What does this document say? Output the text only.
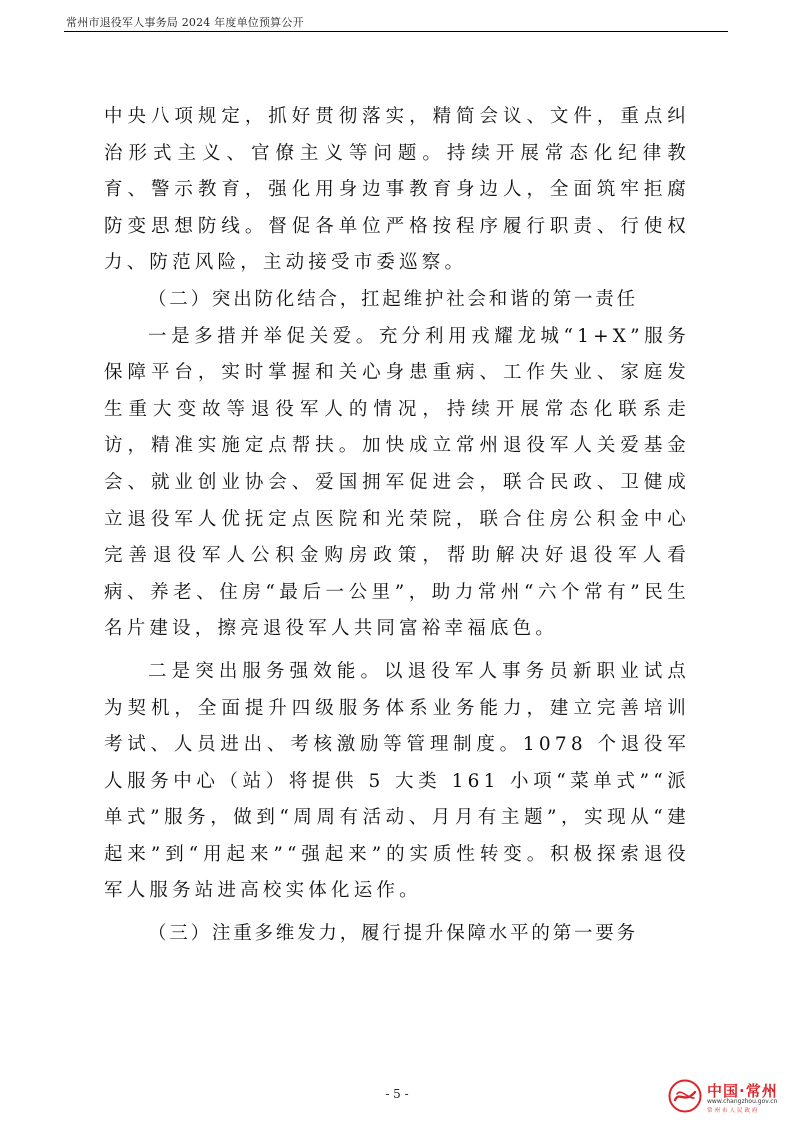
常州市退役军人事务局 2024 年度单位预算公开

中央八项规定，抓好贯彻落实，精简会议、文件，重点纠治形式主义、官僚主义等问题。持续开展常态化纪律教育、警示教育，强化用身边事教育身边人，全面筑牢拒腐防变思想防线。督促各单位严格按程序履行职责、行使权力、防范风险，主动接受市委巡察。

（二）突出防化结合，扛起维护社会和谐的第一责任

一是多措并举促关爱。充分利用戎耀龙城“1+X”服务保障平台，实时掌握和关心身患重病、工作失业、家庭发生重大变故等退役军人的情况，持续开展常态化联系走访，精准实施定点帮扶。加快成立常州退役军人关爱基金会、就业创业协会、爱国拥军促进会，联合民政、卫健成立退役军人优抚定点医院和光荣院，联合住房公积金中心完善退役军人公积金购房政策，帮助解决好退役军人看病、养老、住房“最后一公里”，助力常州“六个常有”民生名片建设，擦亮退役军人共同富裕幸福底色。

二是突出服务强效能。以退役军人事务员新职业试点为契机，全面提升四级服务体系业务能力，建立完善培训考试、人员进出、考核激励等管理制度。1078 个退役军人服务中心（站）将提供 5 大类 161 小项“菜单式”“派单式”服务，做到“周周有活动、月月有主题”，实现从“建起来”到“用起来”“强起来”的实质性转变。积极探索退役军人服务站进高校实体化运作。

（三）注重多维发力，履行提升保障水平的第一要务

- 5 -	中国·常州
www.changzhou.gov.cn
常州市人民政府
